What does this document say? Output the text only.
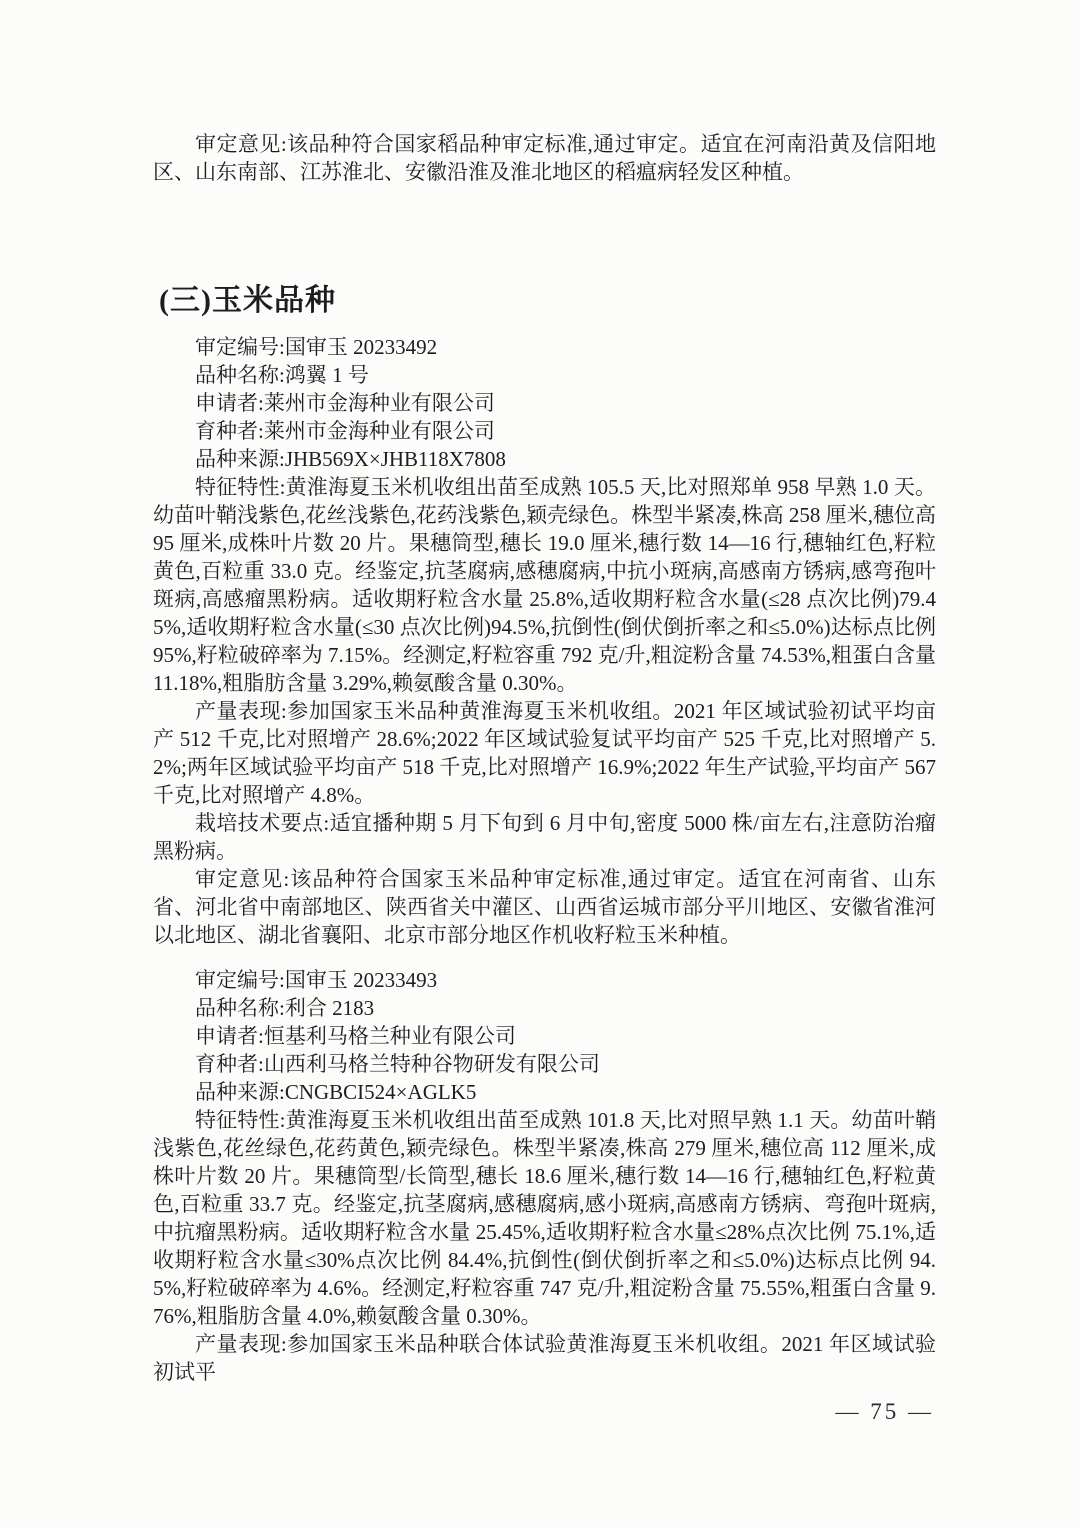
审定意见:该品种符合国家稻品种审定标准,通过审定。适宜在河南沿黄及信阳地区、山东南部、江苏淮北、安徽沿淮及淮北地区的稻瘟病轻发区种植。

(三)玉米品种

审定编号:国审玉 20233492

品种名称:鸿翼 1 号

申请者:莱州市金海种业有限公司

育种者:莱州市金海种业有限公司

品种来源:JHB569X×JHB118X7808

特征特性:黄淮海夏玉米机收组出苗至成熟 105.5 天,比对照郑单 958 早熟 1.0 天。幼苗叶鞘浅紫色,花丝浅紫色,花药浅紫色,颖壳绿色。株型半紧凑,株高 258 厘米,穗位高 95 厘米,成株叶片数 20 片。果穗筒型,穗长 19.0 厘米,穗行数 14—16 行,穗轴红色,籽粒黄色,百粒重 33.0 克。经鉴定,抗茎腐病,感穗腐病,中抗小斑病,高感南方锈病,感弯孢叶斑病,高感瘤黑粉病。适收期籽粒含水量 25.8%,适收期籽粒含水量(≤28 点次比例)79.45%,适收期籽粒含水量(≤30 点次比例)94.5%,抗倒性(倒伏倒折率之和≤5.0%)达标点比例 95%,籽粒破碎率为 7.15%。经测定,籽粒容重 792 克/升,粗淀粉含量 74.53%,粗蛋白含量 11.18%,粗脂肪含量 3.29%,赖氨酸含量 0.30%。

产量表现:参加国家玉米品种黄淮海夏玉米机收组。2021 年区域试验初试平均亩产 512 千克,比对照增产 28.6%;2022 年区域试验复试平均亩产 525 千克,比对照增产 5.2%;两年区域试验平均亩产 518 千克,比对照增产 16.9%;2022 年生产试验,平均亩产 567 千克,比对照增产 4.8%。

栽培技术要点:适宜播种期 5 月下旬到 6 月中旬,密度 5000 株/亩左右,注意防治瘤黑粉病。

审定意见:该品种符合国家玉米品种审定标准,通过审定。适宜在河南省、山东省、河北省中南部地区、陕西省关中灌区、山西省运城市部分平川地区、安徽省淮河以北地区、湖北省襄阳、北京市部分地区作机收籽粒玉米种植。

审定编号:国审玉 20233493

品种名称:利合 2183

申请者:恒基利马格兰种业有限公司

育种者:山西利马格兰特种谷物研发有限公司

品种来源:CNGBCI524×AGLK5

特征特性:黄淮海夏玉米机收组出苗至成熟 101.8 天,比对照早熟 1.1 天。幼苗叶鞘浅紫色,花丝绿色,花药黄色,颖壳绿色。株型半紧凑,株高 279 厘米,穗位高 112 厘米,成株叶片数 20 片。果穗筒型/长筒型,穗长 18.6 厘米,穗行数 14—16 行,穗轴红色,籽粒黄色,百粒重 33.7 克。经鉴定,抗茎腐病,感穗腐病,感小斑病,高感南方锈病、弯孢叶斑病,中抗瘤黑粉病。适收期籽粒含水量 25.45%,适收期籽粒含水量≤28%点次比例 75.1%,适收期籽粒含水量≤30%点次比例 84.4%,抗倒性(倒伏倒折率之和≤5.0%)达标点比例 94.5%,籽粒破碎率为 4.6%。经测定,籽粒容重 747 克/升,粗淀粉含量 75.55%,粗蛋白含量 9.76%,粗脂肪含量 4.0%,赖氨酸含量 0.30%。

产量表现:参加国家玉米品种联合体试验黄淮海夏玉米机收组。2021 年区域试验初试平

— 75 —
